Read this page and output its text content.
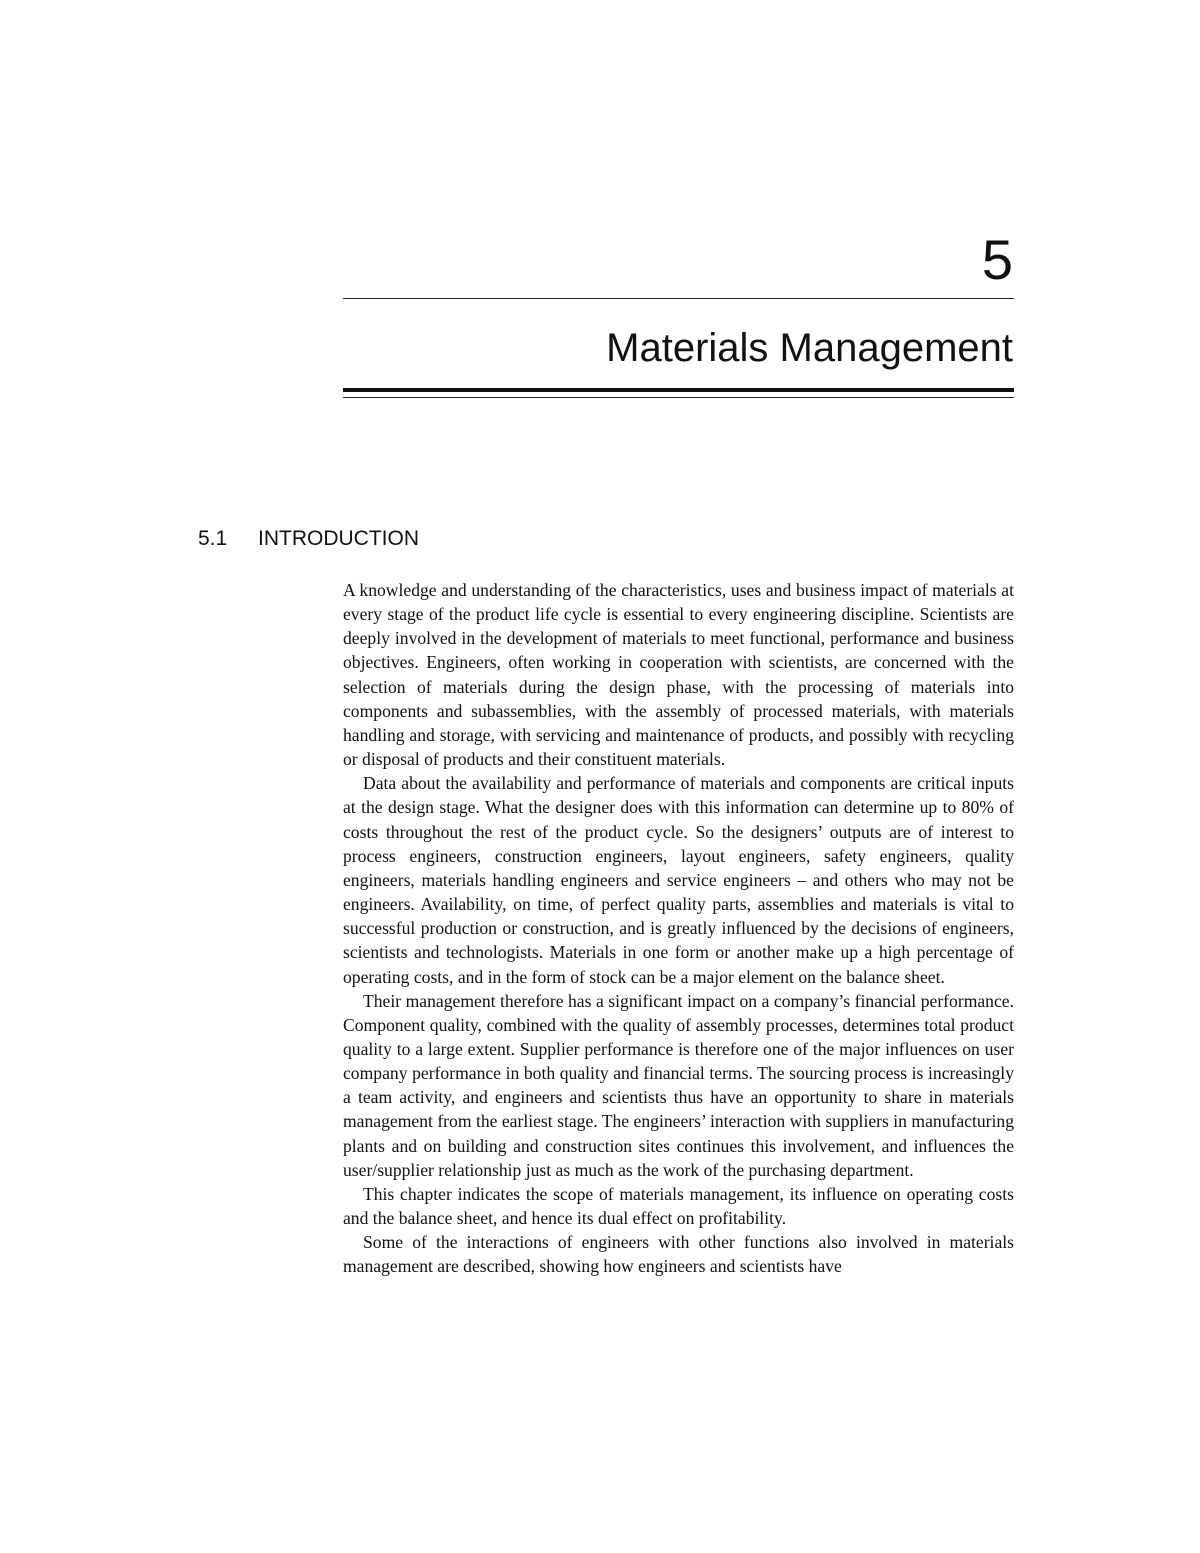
5
Materials Management
5.1 INTRODUCTION

A knowledge and understanding of the characteristics, uses and business impact of materials at every stage of the product life cycle is essential to every engineering discipline. Scientists are deeply involved in the development of materials to meet functional, performance and business objectives. Engineers, often working in cooperation with scientists, are concerned with the selection of materials during the design phase, with the processing of materials into components and subassemblies, with the assembly of processed materials, with materials handling and storage, with servicing and maintenance of products, and possibly with recycling or disposal of products and their constituent materials.

Data about the availability and performance of materials and components are critical inputs at the design stage. What the designer does with this information can determine up to 80% of costs throughout the rest of the product cycle. So the designers’ outputs are of interest to process engineers, construction engineers, layout engineers, safety engineers, quality engineers, materials handling engineers and service engineers – and others who may not be engineers. Availability, on time, of perfect quality parts, assemblies and materials is vital to successful production or construction, and is greatly influenced by the decisions of engineers, scientists and technologists. Materials in one form or another make up a high percentage of operating costs, and in the form of stock can be a major element on the balance sheet.

Their management therefore has a significant impact on a company’s financial performance. Component quality, combined with the quality of assembly processes, determines total product quality to a large extent. Supplier performance is therefore one of the major influences on user company performance in both quality and financial terms. The sourcing process is increasingly a team activity, and engineers and scientists thus have an opportunity to share in materials management from the earliest stage. The engineers’ interaction with suppliers in manufacturing plants and on building and construction sites continues this involvement, and influences the user/supplier relationship just as much as the work of the purchasing department.

This chapter indicates the scope of materials management, its influence on operating costs and the balance sheet, and hence its dual effect on profitability.

Some of the interactions of engineers with other functions also involved in materials management are described, showing how engineers and scientists have
